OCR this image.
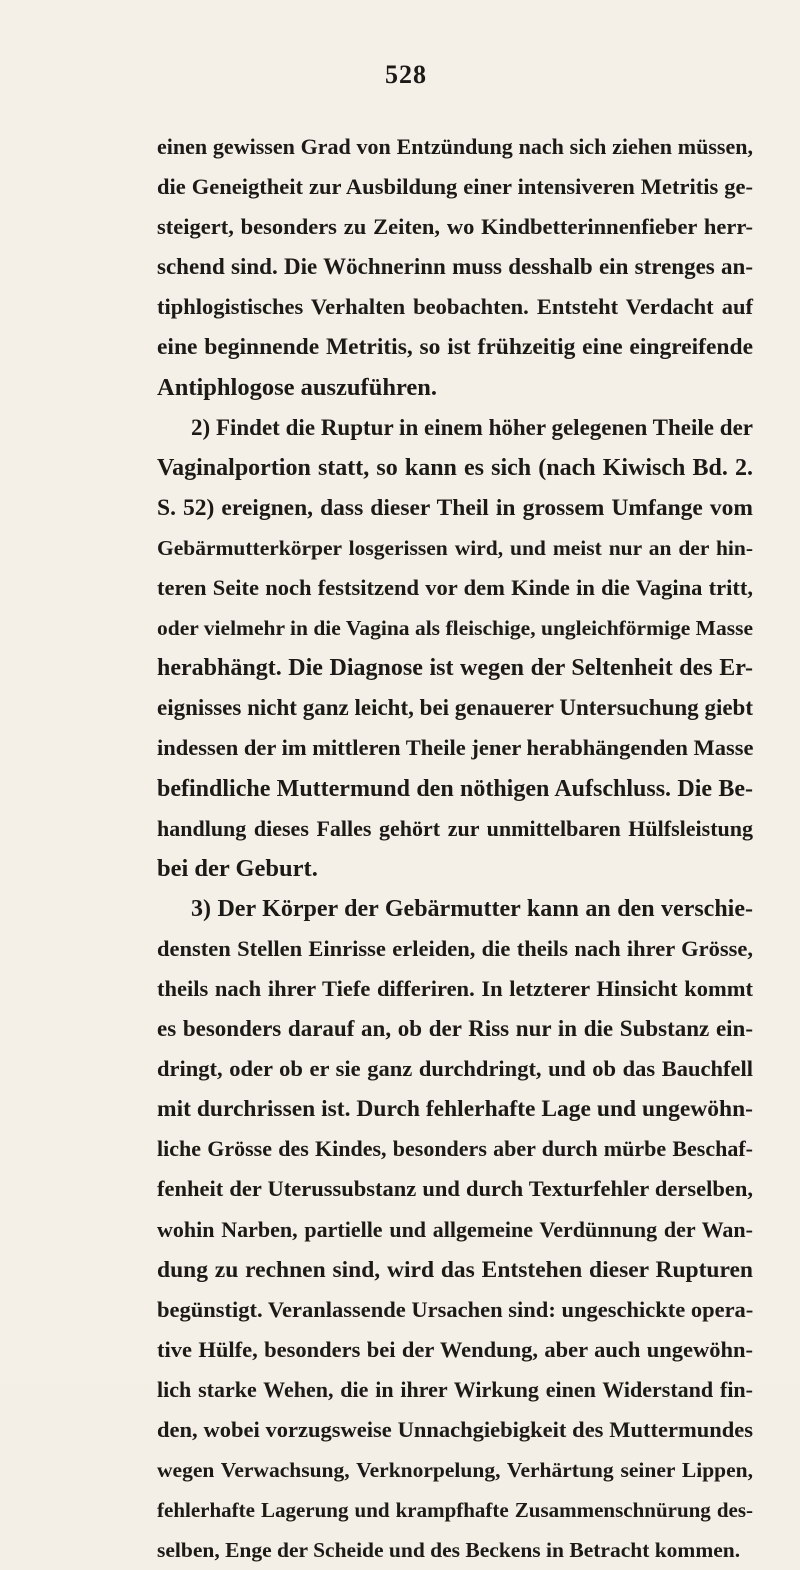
528
einen gewissen Grad von Entzündung nach sich ziehen müssen,
die Geneigtheit zur Ausbildung einer intensiveren Metritis ge-
steigert, besonders zu Zeiten, wo Kindbetterinnenfieber herr-
schend sind. Die Wöchnerinn muss desshalb ein strenges an-
tiphlogistisches Verhalten beobachten. Entsteht Verdacht auf
eine beginnende Metritis, so ist frühzeitig eine eingreifende
Antiphlogose auszuführen.
2) Findet die Ruptur in einem höher gelegenen Theile der
Vaginalportion statt, so kann es sich (nach Kiwisch Bd. 2.
S. 52) ereignen, dass dieser Theil in grossem Umfange vom
Gebärmutterkörper losgerissen wird, und meist nur an der hin-
teren Seite noch festsitzend vor dem Kinde in die Vagina tritt,
oder vielmehr in die Vagina als fleischige, ungleichförmige Masse
herabhängt. Die Diagnose ist wegen der Seltenheit des Er-
eignisses nicht ganz leicht, bei genauerer Untersuchung giebt
indessen der im mittleren Theile jener herabhängenden Masse
befindliche Muttermund den nöthigen Aufschluss. Die Be-
handlung dieses Falles gehört zur unmittelbaren Hülfsleistung
bei der Geburt.
3) Der Körper der Gebärmutter kann an den verschie-
densten Stellen Einrisse erleiden, die theils nach ihrer Grösse,
theils nach ihrer Tiefe differiren. In letzterer Hinsicht kommt
es besonders darauf an, ob der Riss nur in die Substanz ein-
dringt, oder ob er sie ganz durchdringt, und ob das Bauchfell
mit durchrissen ist. Durch fehlerhafte Lage und ungewöhn-
liche Grösse des Kindes, besonders aber durch mürbe Beschaf-
fenheit der Uterussubstanz und durch Texturfehler derselben,
wohin Narben, partielle und allgemeine Verdünnung der Wan-
dung zu rechnen sind, wird das Entstehen dieser Rupturen
begünstigt. Veranlassende Ursachen sind: ungeschickte opera-
tive Hülfe, besonders bei der Wendung, aber auch ungewöhn-
lich starke Wehen, die in ihrer Wirkung einen Widerstand fin-
den, wobei vorzugsweise Unnachgiebigkeit des Muttermundes
wegen Verwachsung, Verknorpelung, Verhärtung seiner Lippen,
fehlerhafte Lagerung und krampfhafte Zusammenschnürung des-
selben, Enge der Scheide und des Beckens in Betracht kommen.
